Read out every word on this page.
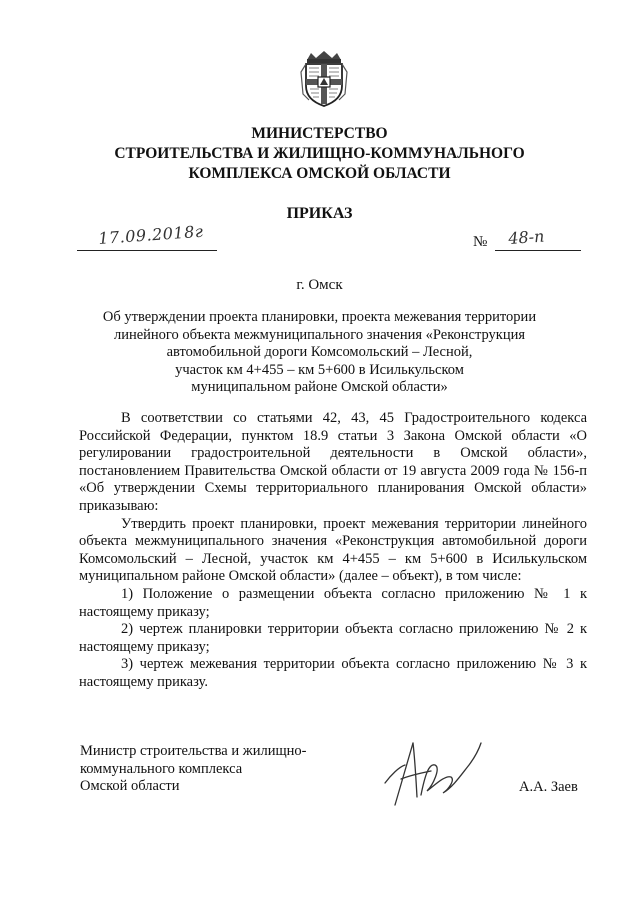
МИНИСТЕРСТВО
СТРОИТЕЛЬСТВА И ЖИЛИЩНО-КОММУНАЛЬНОГО
КОМПЛЕКСА ОМСКОЙ ОБЛАСТИ
ПРИКАЗ
17.09.2018г	№ 48-п
г. Омск
Об утверждении проекта планировки, проекта межевания территории
линейного объекта межмуниципального значения «Реконструкция
автомобильной дороги Комсомольский – Лесной,
участок км 4+455 – км 5+600 в Исилькульском
муниципальном районе Омской области»

В соответствии со статьями 42, 43, 45 Градостроительного кодекса Российской Федерации, пунктом 18.9 статьи 3 Закона Омской области «О регулировании градостроительной деятельности в Омской области», постановлением Правительства Омской области от 19 августа 2009 года № 156-п «Об утверждении Схемы территориального планирования Омской области» приказываю:

Утвердить проект планировки, проект межевания территории линейного объекта межмуниципального значения «Реконструкция автомобильной дороги Комсомольский – Лесной, участок км 4+455 – км 5+600 в Исилькульском муниципальном районе Омской области» (далее – объект), в том числе:

1) Положение о размещении объекта согласно приложению № 1 к настоящему приказу;

2) чертеж планировки территории объекта согласно приложению № 2 к настоящему приказу;

3) чертеж межевания территории объекта согласно приложению № 3 к настоящему приказу.

Министр строительства и жилищно-
коммунального комплекса
Омской области	А.А. Заев
